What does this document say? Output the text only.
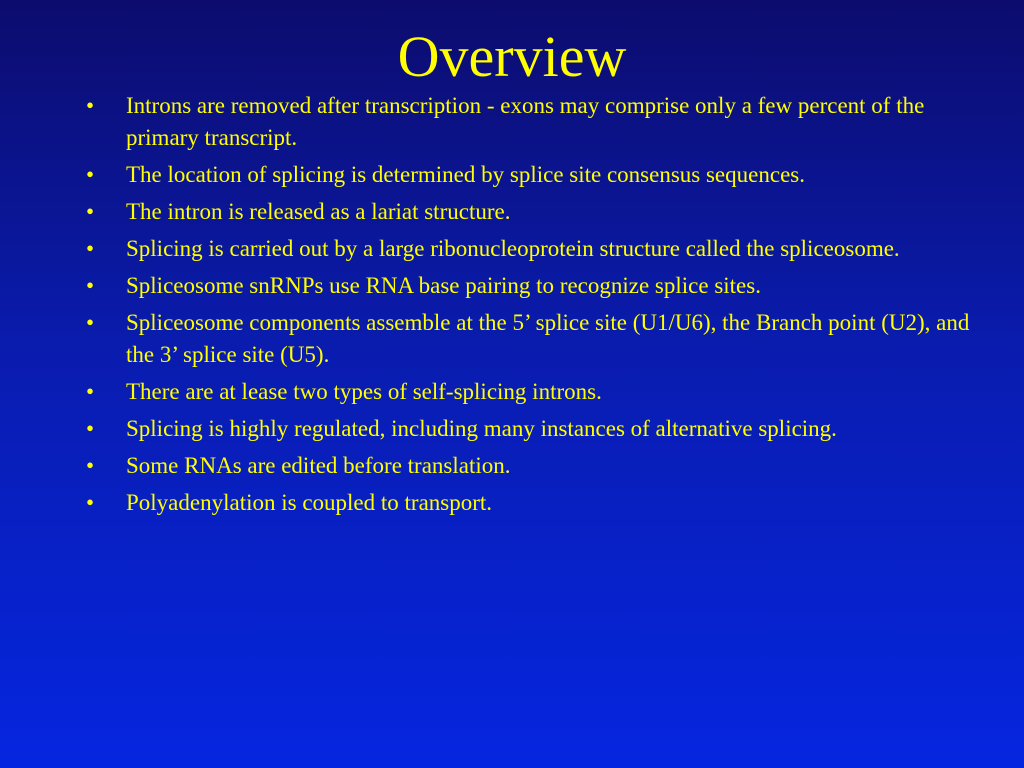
Overview
•	Introns are removed after transcription - exons may comprise only a few percent of the primary transcript.
•	The location of splicing is determined by splice site consensus sequences.
•	The intron is released as a lariat structure.
•	Splicing is carried out by a large ribonucleoprotein structure called the spliceosome.
•	Spliceosome snRNPs use RNA base pairing to recognize splice sites.
•	Spliceosome components assemble at the 5’ splice site (U1/U6), the Branch point (U2), and the 3’ splice site (U5).
•	There are at lease two types of self-splicing introns.
•	Splicing is highly regulated, including many instances of alternative splicing.
•	Some RNAs are edited before translation.
•	Polyadenylation is coupled to transport.
